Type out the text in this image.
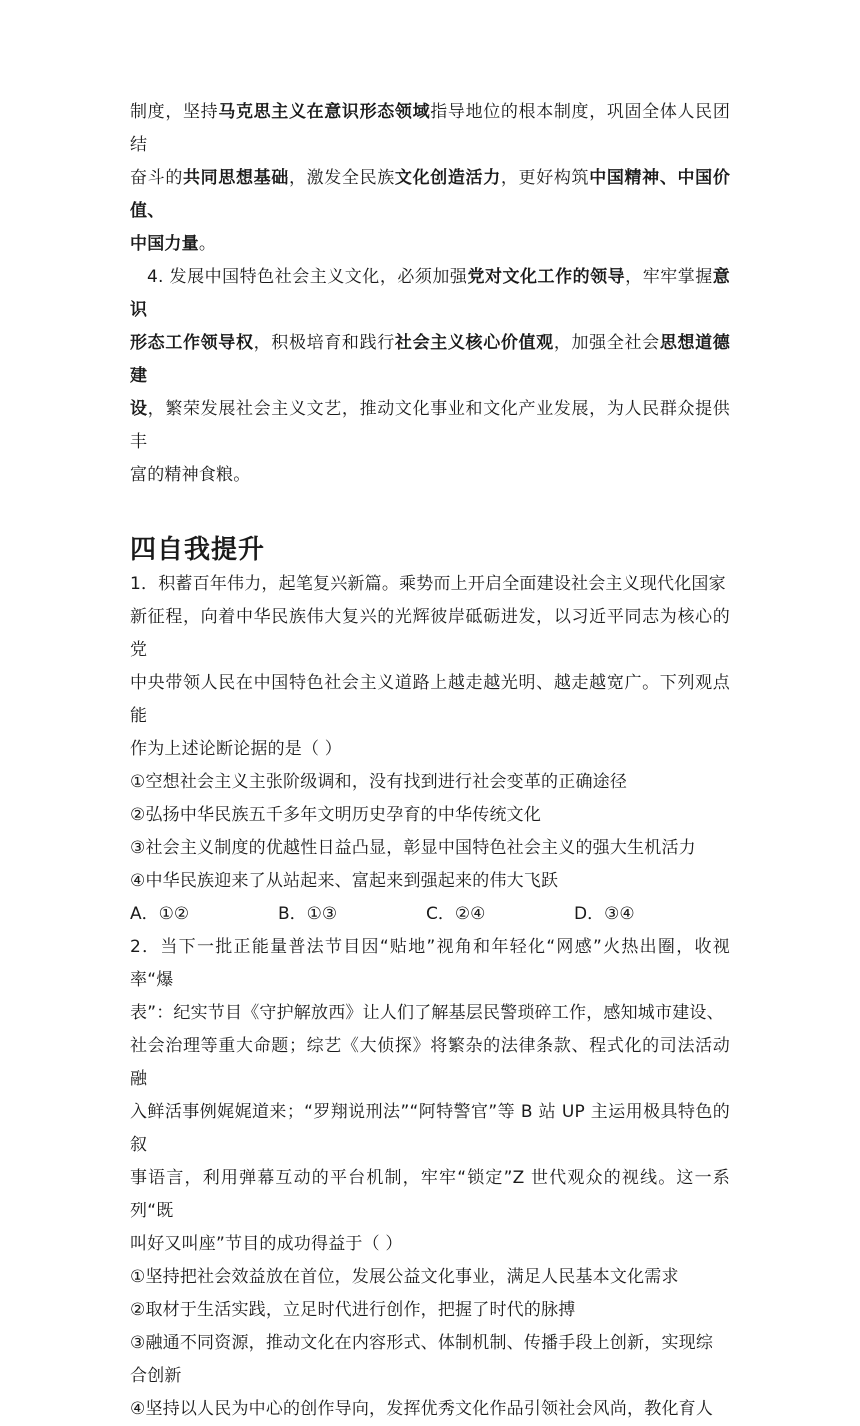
制度，坚持马克思主义在意识形态领域指导地位的根本制度，巩固全体人民团结

奋斗的共同思想基础，激发全民族文化创造活力，更好构筑中国精神、中国价值、

中国力量。

4. 发展中国特色社会主义文化，必须加强党对文化工作的领导，牢牢掌握意识

形态工作领导权，积极培育和践行社会主义核心价值观，加强全社会思想道德建

设，繁荣发展社会主义文艺，推动文化事业和文化产业发展，为人民群众提供丰

富的精神食粮。

四自我提升

1．积蓄百年伟力，起笔复兴新篇。乘势而上开启全面建设社会主义现代化国家

新征程，向着中华民族伟大复兴的光辉彼岸砥砺进发，以习近平同志为核心的党

中央带领人民在中国特色社会主义道路上越走越光明、越走越宽广。下列观点能

作为上述论断论据的是（ ）

①空想社会主义主张阶级调和，没有找到进行社会变革的正确途径

②弘扬中华民族五千多年文明历史孕育的中华传统文化

③社会主义制度的优越性日益凸显，彰显中国特色社会主义的强大生机活力

④中华民族迎来了从站起来、富起来到强起来的伟大飞跃

A．①②	B．①③	C．②④	D．③④

2．当下一批正能量普法节目因“贴地”视角和年轻化“网感”火热出圈，收视率“爆

表”：纪实节目《守护解放西》让人们了解基层民警琐碎工作，感知城市建设、

社会治理等重大命题；综艺《大侦探》将繁杂的法律条款、程式化的司法活动融

入鲜活事例娓娓道来；“罗翔说刑法”“阿特警官”等 B 站 UP 主运用极具特色的叙

事语言，利用弹幕互动的平台机制，牢牢“锁定”Z 世代观众的视线。这一系列“既

叫好又叫座”节目的成功得益于（ ）

①坚持把社会效益放在首位，发展公益文化事业，满足人民基本文化需求

②取材于生活实践，立足时代进行创作，把握了时代的脉搏

③融通不同资源，推动文化在内容形式、体制机制、传播手段上创新，实现综

合创新

④坚持以人民为中心的创作导向，发挥优秀文化作品引领社会风尚，教化育人
